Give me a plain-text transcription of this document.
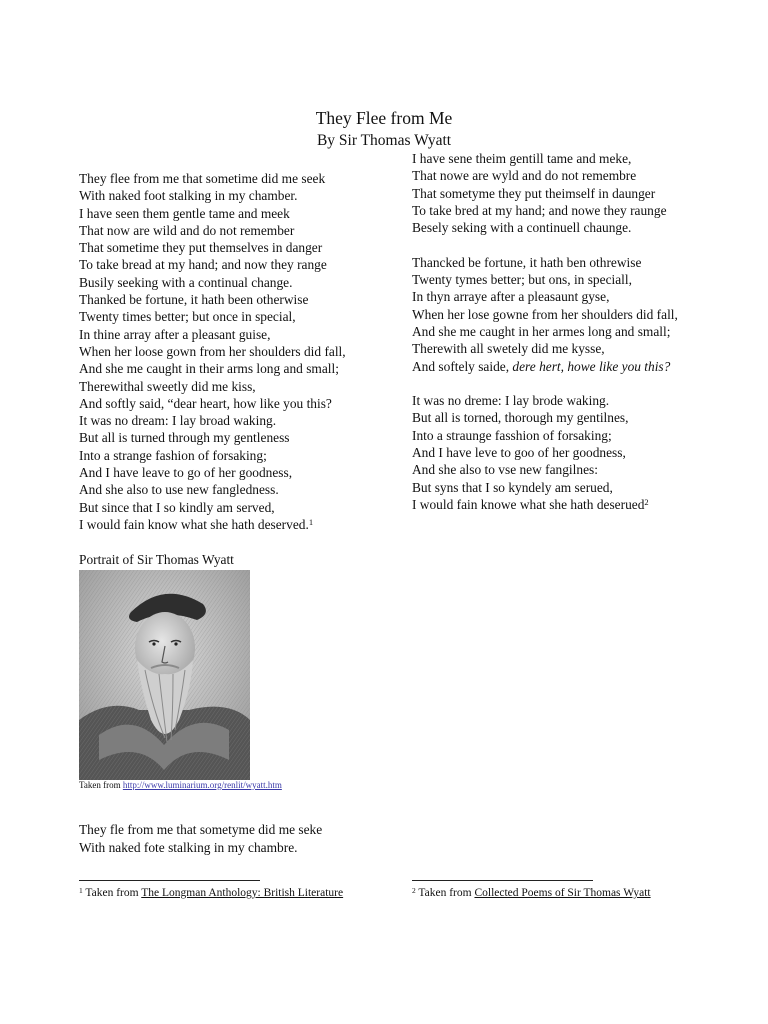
They Flee from Me
By Sir Thomas Wyatt
They flee from me that sometime did me seek
With naked foot stalking in my chamber.
I have seen them gentle tame and meek
That now are wild and do not remember
That sometime they put themselves in danger
To take bread at my hand; and now they range
Busily seeking with a continual change.
Thanked be fortune, it hath been otherwise
Twenty times better; but once in special,
In thine array after a pleasant guise,
When her loose gown from her shoulders did fall,
And she me caught in their arms long and small;
Therewithal sweetly did me kiss,
And softly said, “dear heart, how like you this?
It was no dream: I lay broad waking.
But all is turned through my gentleness
Into a strange fashion of forsaking;
And I have leave to go of her goodness,
And she also to use new fangledness.
But since that I so kindly am served,
I would fain know what she hath deserved.$^1$
I have sene theim gentill tame and meke,
That nowe are wyld and do not remembre
That sometyme they put theimself in daunger
To take bred at my hand; and nowe they raunge
Besely seking with a continuell chaunge.
Thancked be fortune, it hath ben othrewise
Twenty tymes better; but ons, in speciall,
In thyn arraye after a pleasaunt gyse,
When her lose gowne from her shoulders did fall,
And she me caught in her armes long and small;
Therewith all swetely did me kysse,
And softely saide, dere hert, howe like you this?
It was no dreme: I lay brode waking.
But all is torned, thorough my gentilnes,
Into a straunge fasshion of forsaking;
And I have leve to goo of her goodness,
And she also to vse new fangilnes:
But syns that I so kyndely am serued,
I would fain knowe what she hath deserued$^2$
Portrait of Sir Thomas Wyatt
Taken from http://www.luminarium.org/renlit/wyatt.htm
They fle from me that sometyme did me seke
With naked fote stalking in my chambre.
$^1$ Taken from The Longman Anthology: British Literature	$^2$ Taken from Collected Poems of Sir Thomas Wyatt
